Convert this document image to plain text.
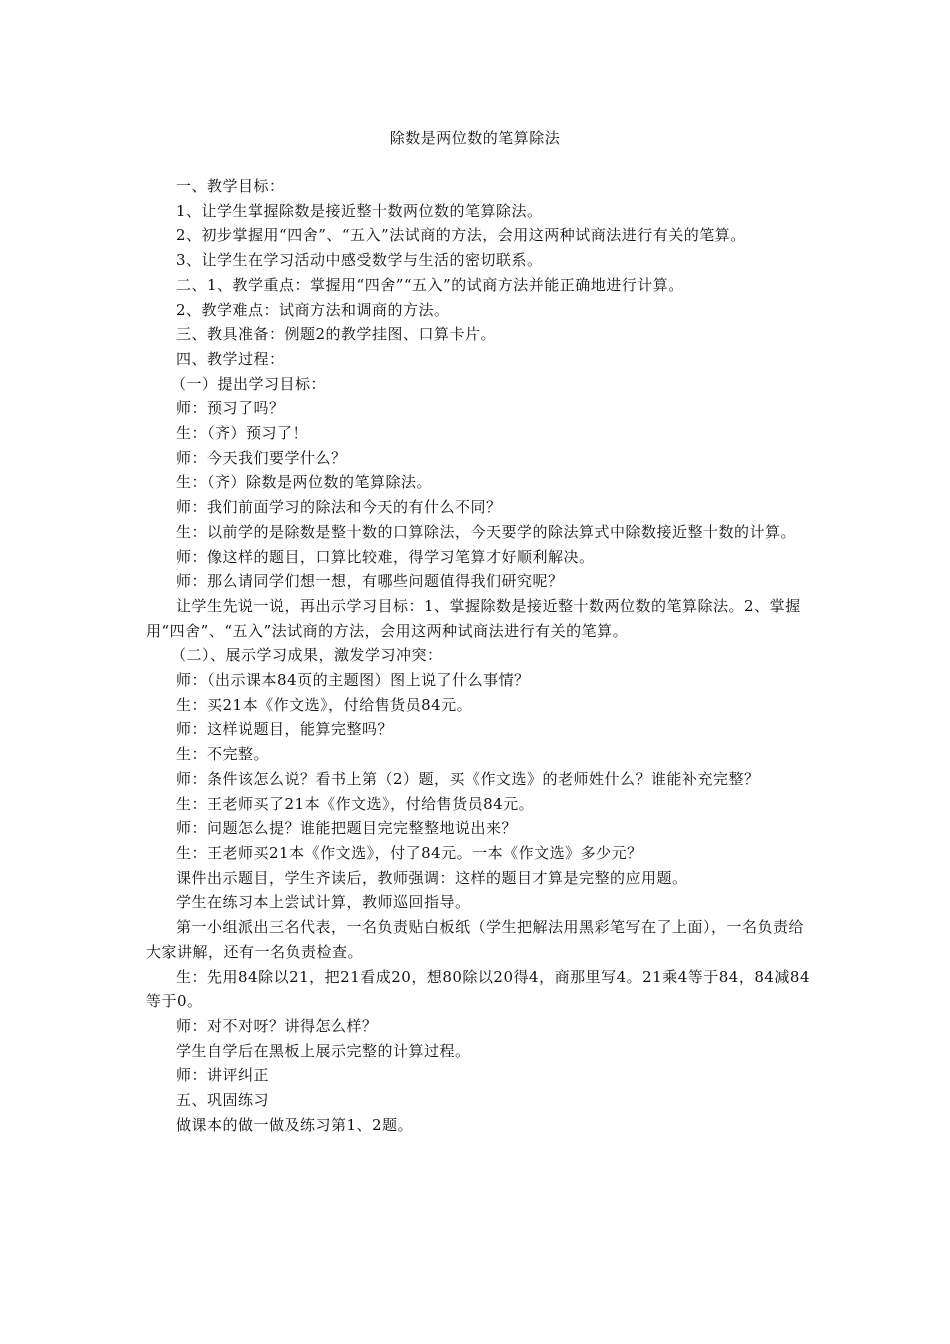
除数是两位数的笔算除法

一、教学目标：

1、让学生掌握除数是接近整十数两位数的笔算除法。

2、初步掌握用“四舍”、“五入”法试商的方法，会用这两种试商法进行有关的笔算。

3、让学生在学习活动中感受数学与生活的密切联系。

二、1、教学重点：掌握用“四舍”“五入”的试商方法并能正确地进行计算。

2、教学难点：试商方法和调商的方法。

三、教具准备：例题2的教学挂图、口算卡片。

四、教学过程：

（一）提出学习目标：

师：预习了吗？

生：（齐）预习了！

师：今天我们要学什么？

生：（齐）除数是两位数的笔算除法。

师：我们前面学习的除法和今天的有什么不同？

生：以前学的是除数是整十数的口算除法，今天要学的除法算式中除数接近整十数的计算。

师：像这样的题目，口算比较难，得学习笔算才好顺利解决。

师：那么请同学们想一想，有哪些问题值得我们研究呢？

让学生先说一说，再出示学习目标：1、掌握除数是接近整十数两位数的笔算除法。2、掌握用“四舍”、“五入”法试商的方法，会用这两种试商法进行有关的笔算。

（二）、展示学习成果，激发学习冲突：

师：（出示课本84页的主题图）图上说了什么事情？

生：买21本《作文选》，付给售货员84元。

师：这样说题目，能算完整吗？

生：不完整。

师：条件该怎么说？看书上第（2）题，买《作文选》的老师姓什么？谁能补充完整？

生：王老师买了21本《作文选》，付给售货员84元。

师：问题怎么提？谁能把题目完完整整地说出来？

生：王老师买21本《作文选》，付了84元。一本《作文选》多少元？

课件出示题目，学生齐读后，教师强调：这样的题目才算是完整的应用题。

学生在练习本上尝试计算，教师巡回指导。

第一小组派出三名代表，一名负责贴白板纸（学生把解法用黑彩笔写在了上面），一名负责给大家讲解，还有一名负责检查。

生：先用84除以21，把21看成20，想80除以20得4，商那里写4。21乘4等于84，84减84等于0。

师：对不对呀？讲得怎么样？

学生自学后在黑板上展示完整的计算过程。

师：讲评纠正

五、巩固练习

做课本的做一做及练习第1、2题。
